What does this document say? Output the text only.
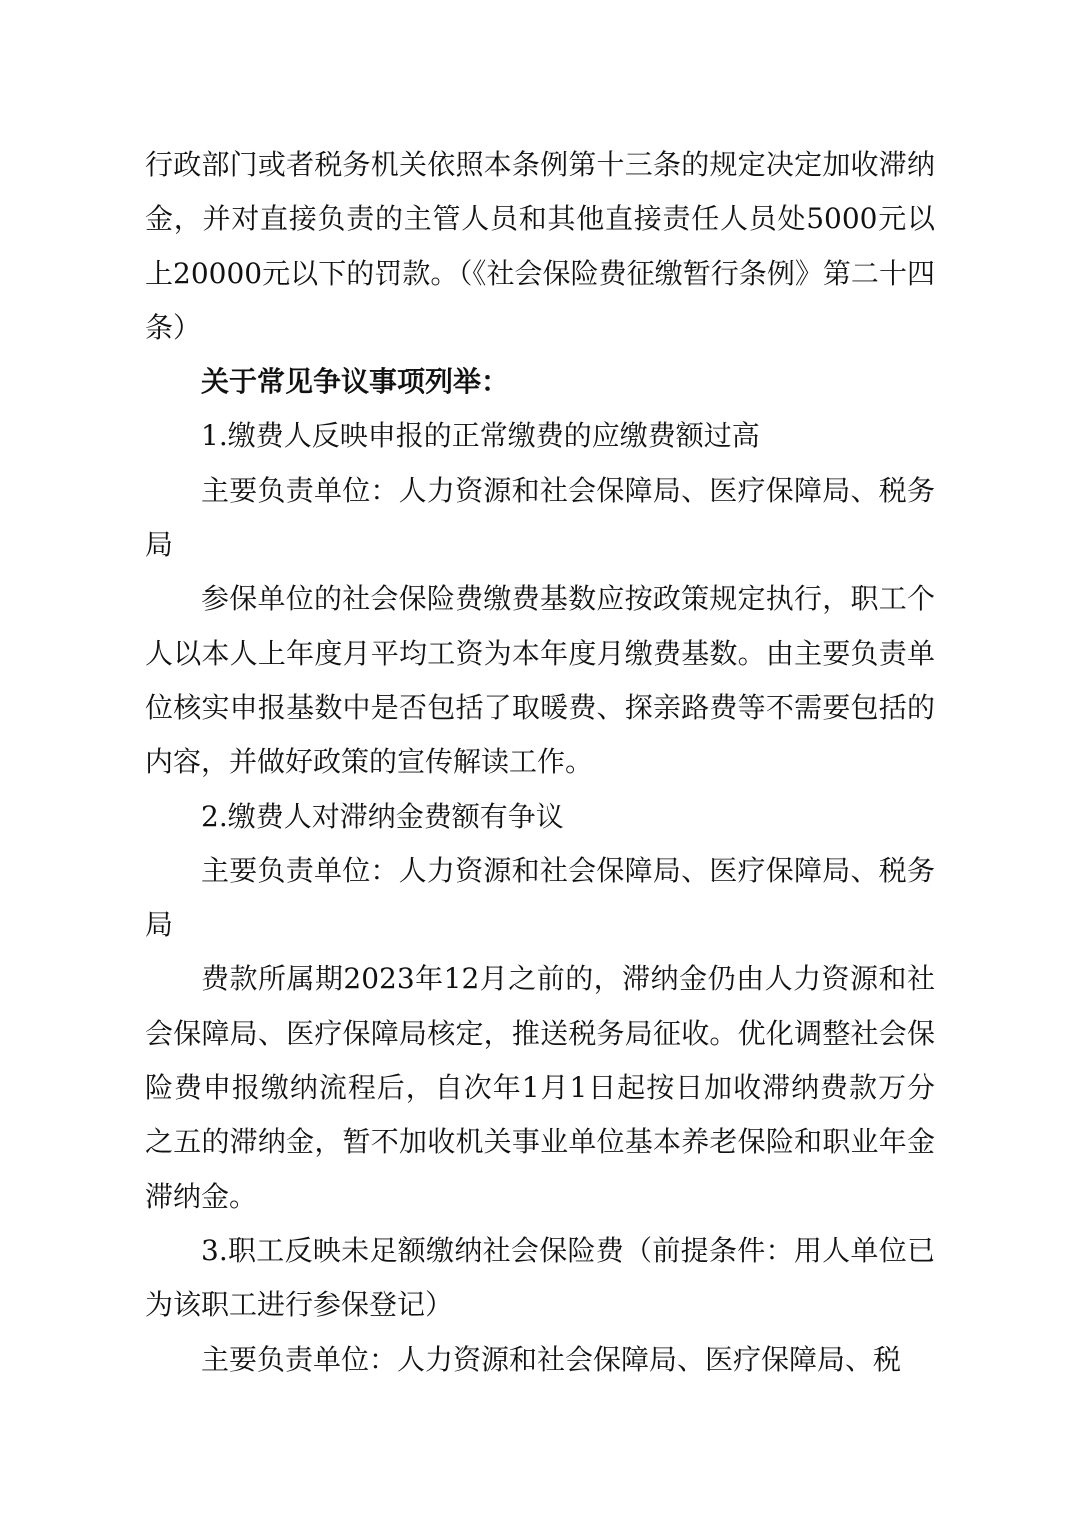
行政部门或者税务机关依照本条例第十三条的规定决定加收滞纳金，并对直接负责的主管人员和其他直接责任人员处5000元以上20000元以下的罚款。（《社会保险费征缴暂行条例》第二十四条）

关于常见争议事项列举：

1.缴费人反映申报的正常缴费的应缴费额过高

主要负责单位：人力资源和社会保障局、医疗保障局、税务局

参保单位的社会保险费缴费基数应按政策规定执行，职工个人以本人上年度月平均工资为本年度月缴费基数。由主要负责单位核实申报基数中是否包括了取暖费、探亲路费等不需要包括的内容，并做好政策的宣传解读工作。

2.缴费人对滞纳金费额有争议

主要负责单位：人力资源和社会保障局、医疗保障局、税务局

费款所属期2023年12月之前的，滞纳金仍由人力资源和社会保障局、医疗保障局核定，推送税务局征收。优化调整社会保险费申报缴纳流程后，自次年1月1日起按日加收滞纳费款万分之五的滞纳金，暂不加收机关事业单位基本养老保险和职业年金滞纳金。

3.职工反映未足额缴纳社会保险费（前提条件：用人单位已为该职工进行参保登记）

主要负责单位：人力资源和社会保障局、医疗保障局、税
